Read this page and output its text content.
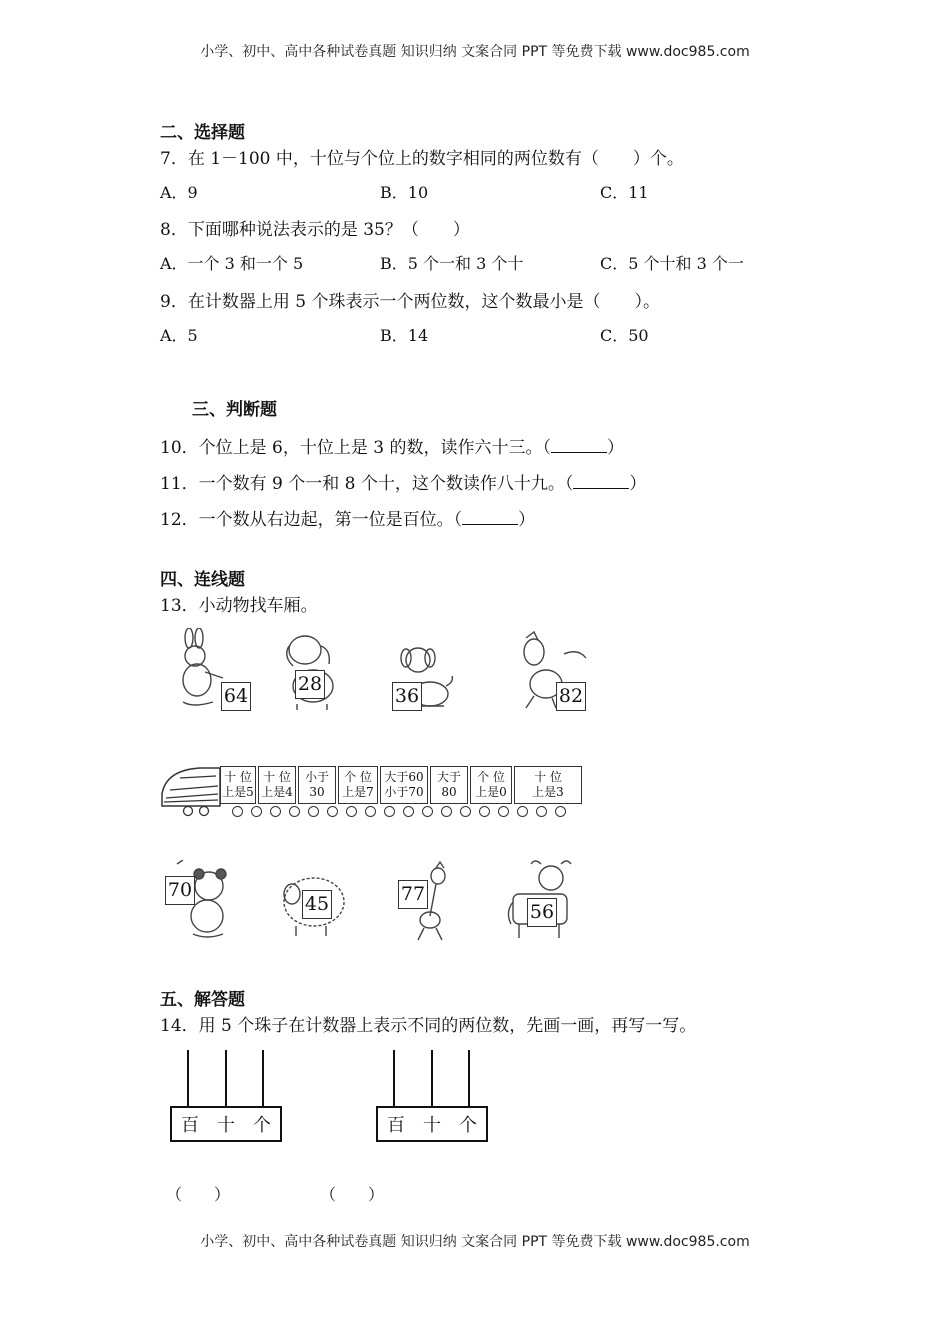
小学、初中、高中各种试卷真题 知识归纳 文案合同 PPT 等免费下载 www.doc985.com
二、选择题
7．在 1－100 中，十位与个位上的数字相同的两位数有（　　）个。
A．9	B．10	C．11
8．下面哪种说法表示的是 35？（　　）
A．一个 3 和一个 5	B．5 个一和 3 个十	C．5 个十和 3 个一
9．在计数器上用 5 个珠表示一个两位数，这个数最小是（　　）。
A．5	B．14	C．50
三、判断题
10．个位上是 6，十位上是 3 的数，读作六十三。（	）
11．一个数有 9 个一和 8 个十，这个数读作八十九。（	）
12．一个数从右边起，第一位是百位。（	）
四、连线题
13．小动物找车厢。
64
28
36	82
十 位
上是5
十 位
上是4
小于
30
个 位
上是7
大于60
小于70
大于
80
个 位
上是0
十 位
上是3
70
45	77
56
五、解答题
14．用 5 个珠子在计数器上表示不同的两位数，先画一画，再写一写。
百 十 个	百 十 个
（　　）	（　　）
小学、初中、高中各种试卷真题 知识归纳 文案合同 PPT 等免费下载 www.doc985.com
